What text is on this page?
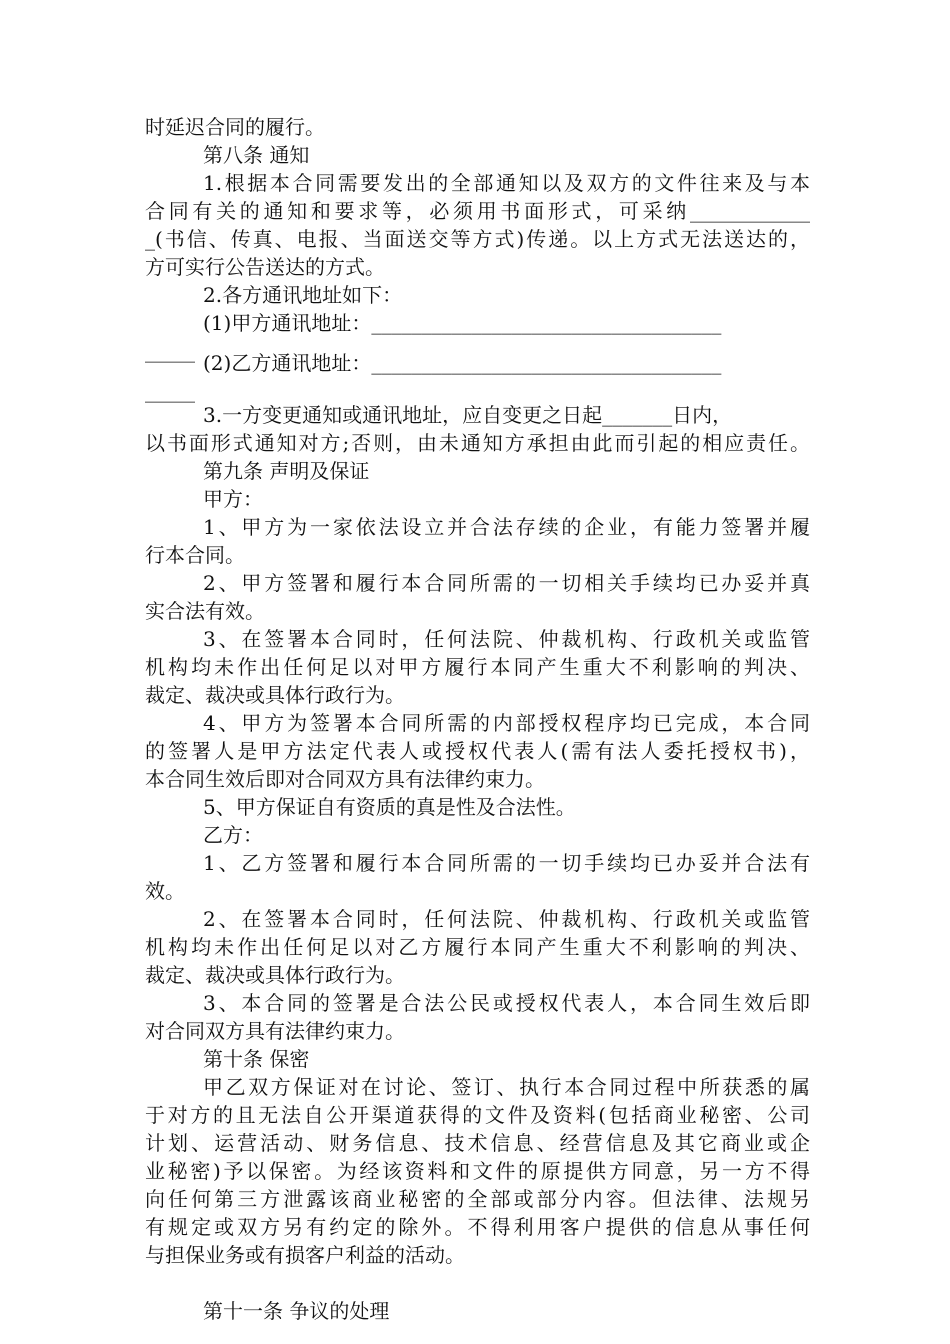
时延迟合同的履行。
第八条 通知
1.根据本合同需要发出的全部通知以及双方的文件往来及与本
合同有关的通知和要求等，必须用书面形式，可采纳____________
_(书信、传真、电报、当面送交等方式)传递。以上方式无法送达的，
方可实行公告送达的方式。
2.各方通讯地址如下：
(1)甲方通讯地址：___________________________________
_____ (2)乙方通讯地址：___________________________________
_____
3.一方变更通知或通讯地址，应自变更之日起_______日内，
以书面形式通知对方;否则，由未通知方承担由此而引起的相应责任。
第九条 声明及保证
甲方：
1、甲方为一家依法设立并合法存续的企业，有能力签署并履
行本合同。
2、甲方签署和履行本合同所需的一切相关手续均已办妥并真
实合法有效。
3、在签署本合同时，任何法院、仲裁机构、行政机关或监管
机构均未作出任何足以对甲方履行本同产生重大不利影响的判决、
裁定、裁决或具体行政行为。
4、甲方为签署本合同所需的内部授权程序均已完成，本合同
的签署人是甲方法定代表人或授权代表人(需有法人委托授权书)，
本合同生效后即对合同双方具有法律约束力。
5、甲方保证自有资质的真是性及合法性。
乙方：
1、乙方签署和履行本合同所需的一切手续均已办妥并合法有
效。
2、在签署本合同时，任何法院、仲裁机构、行政机关或监管
机构均未作出任何足以对乙方履行本同产生重大不利影响的判决、
裁定、裁决或具体行政行为。
3、本合同的签署是合法公民或授权代表人，本合同生效后即
对合同双方具有法律约束力。
第十条 保密
甲乙双方保证对在讨论、签订、执行本合同过程中所获悉的属
于对方的且无法自公开渠道获得的文件及资料(包括商业秘密、公司
计划、运营活动、财务信息、技术信息、经营信息及其它商业或企
业秘密)予以保密。为经该资料和文件的原提供方同意，另一方不得
向任何第三方泄露该商业秘密的全部或部分内容。但法律、法规另
有规定或双方另有约定的除外。不得利用客户提供的信息从事任何
与担保业务或有损客户利益的活动。
第十一条 争议的处理
